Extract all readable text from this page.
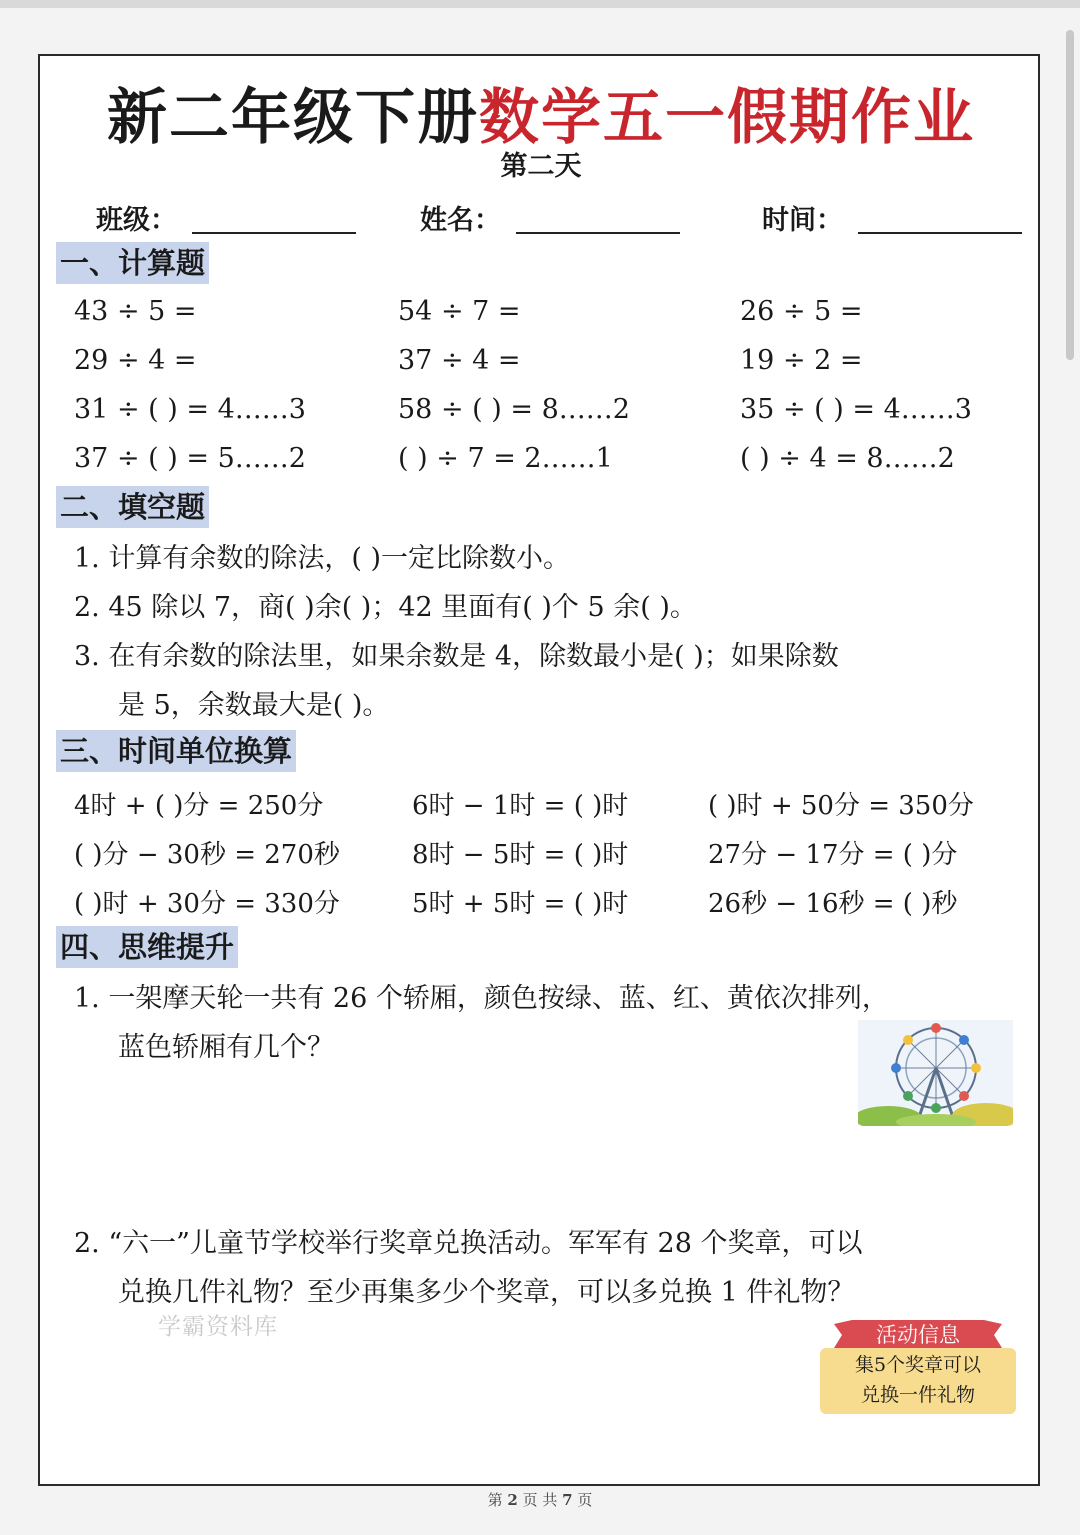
新二年级下册数学五一假期作业
第二天
班级：	姓名：	时间：
一、计算题
43 ÷ 5 =	54 ÷ 7 =	26 ÷ 5 =
29 ÷ 4 =	37 ÷ 4 =	19 ÷ 2 =
31 ÷ ( ) = 4……3	58 ÷ ( ) = 8……2	35 ÷ ( ) = 4……3
37 ÷ ( ) = 5……2	( ) ÷ 7 = 2……1	( ) ÷ 4 = 8……2
二、填空题
1. 计算有余数的除法，( )一定比除数小。
2. 45 除以 7，商( )余( )；42 里面有( )个 5 余( )。
3. 在有余数的除法里，如果余数是 4，除数最小是( )；如果除数
是 5，余数最大是( )。
三、时间单位换算
4时 + ( )分 = 250分	6时 − 1时 = ( )时	( )时 + 50分 = 350分
( )分 − 30秒 = 270秒	8时 − 5时 = ( )时	27分 − 17分 = ( )分
( )时 + 30分 = 330分	5时 + 5时 = ( )时	26秒 − 16秒 = ( )秒
四、思维提升
1. 一架摩天轮一共有 26 个轿厢，颜色按绿、蓝、红、黄依次排列，
蓝色轿厢有几个？
2. “六一”儿童节学校举行奖章兑换活动。军军有 28 个奖章，可以
学霸资料库
兑换几件礼物？至少再集多少个奖章，可以多兑换 1 件礼物？
活动信息
集5个奖章可以
兑换一件礼物
第 2 页 共 7 页
